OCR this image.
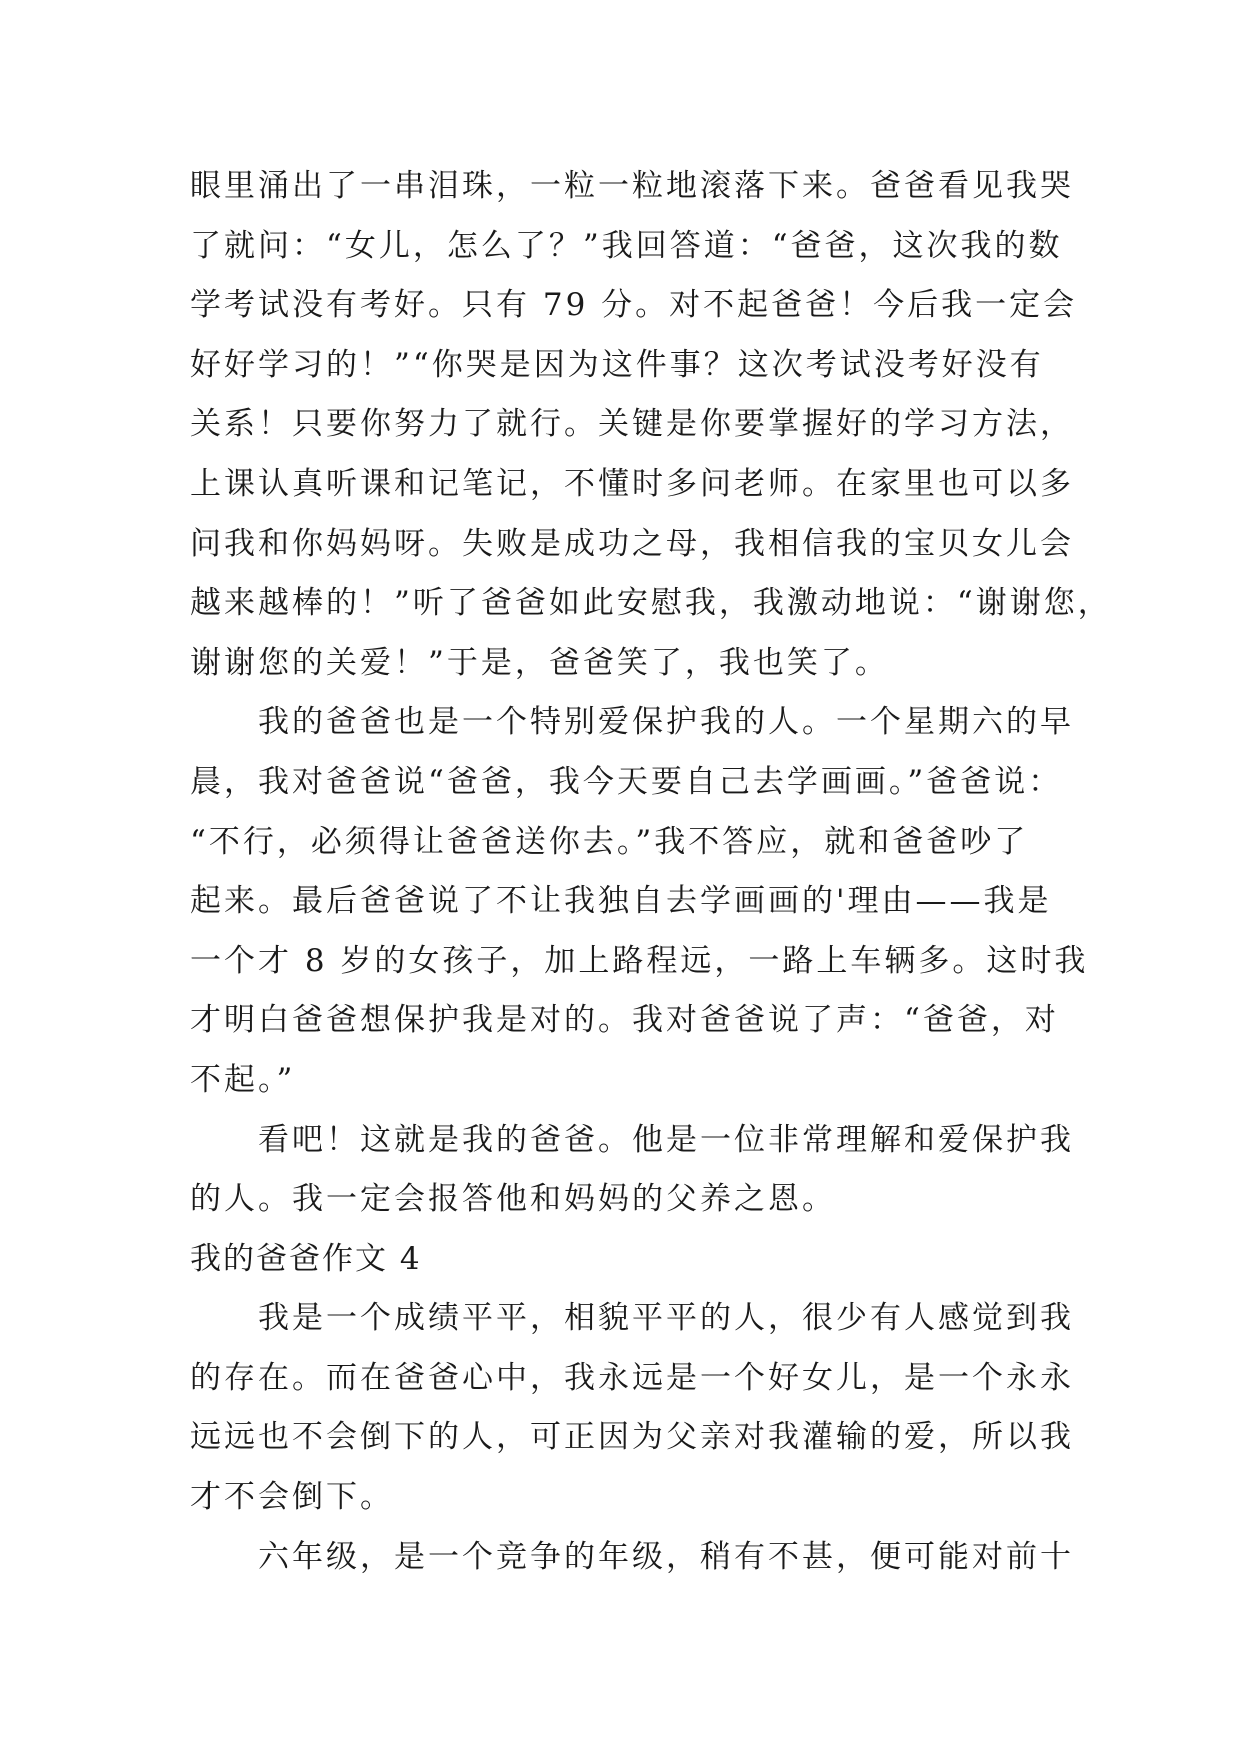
眼里涌出了一串泪珠，一粒一粒地滚落下来。爸爸看见我哭
了就问：“女儿，怎么了？”我回答道：“爸爸，这次我的数
学考试没有考好。只有 79 分。对不起爸爸！今后我一定会
好好学习的！”“你哭是因为这件事？这次考试没考好没有
关系！只要你努力了就行。关键是你要掌握好的学习方法，
上课认真听课和记笔记，不懂时多问老师。在家里也可以多
问我和你妈妈呀。失败是成功之母，我相信我的宝贝女儿会
越来越棒的！”听了爸爸如此安慰我，我激动地说：“谢谢您，
谢谢您的关爱！”于是，爸爸笑了，我也笑了。
我的爸爸也是一个特别爱保护我的人。一个星期六的早
晨，我对爸爸说“爸爸，我今天要自己去学画画。”爸爸说：
“不行，必须得让爸爸送你去。”我不答应，就和爸爸吵了
起来。最后爸爸说了不让我独自去学画画的'理由——我是
一个才 8 岁的女孩子，加上路程远，一路上车辆多。这时我
才明白爸爸想保护我是对的。我对爸爸说了声：“爸爸，对
不起。”
看吧！这就是我的爸爸。他是一位非常理解和爱保护我
的人。我一定会报答他和妈妈的父养之恩。
我的爸爸作文 4
我是一个成绩平平，相貌平平的人，很少有人感觉到我
的存在。而在爸爸心中，我永远是一个好女儿，是一个永永
远远也不会倒下的人，可正因为父亲对我灌输的爱，所以我
才不会倒下。
六年级，是一个竞争的年级，稍有不甚，便可能对前十
